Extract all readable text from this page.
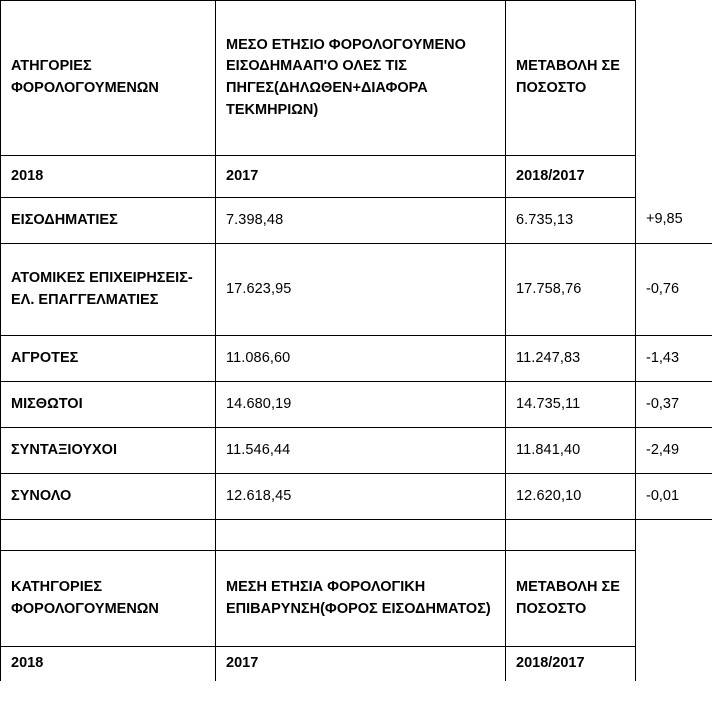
ΑΤΗΓΟΡΙΕΣ ΦΟΡΟΛΟΓΟΥΜΕΝΩΝ	ΜΕΣΟ ΕΤΗΣΙΟ ΦΟΡΟΛΟΓΟΥΜΕΝΟ ΕΙΣΟΔΗΜΑΑΠ'Ο ΟΛΕΣ ΤΙΣ ΠΗΓΕΣ(ΔΗΛΩΘΕΝ+ΔΙΑΦΟΡΑ ΤΕΚΜΗΡΙΩΝ)	ΜΕΤΑΒΟΛΗ ΣΕ ΠΟΣΟΣΤΟ	
2018	2017	2018/2017	
ΕΙΣΟΔΗΜΑΤΙΕΣ	7.398,48	6.735,13	+9,85
ΑΤΟΜΙΚΕΣ ΕΠΙΧΕΙΡΗΣΕΙΣ-ΕΛ. ΕΠΑΓΓΕΛΜΑΤΙΕΣ	17.623,95	17.758,76	-0,76
ΑΓΡΟΤΕΣ	11.086,60	11.247,83	-1,43
ΜΙΣΘΩΤΟΙ	14.680,19	14.735,11	-0,37
ΣΥΝΤΑΞΙΟΥΧΟΙ	11.546,44	11.841,40	-2,49
ΣΥΝΟΛΟ	12.618,45	12.620,10	-0,01

ΚΑΤΗΓΟΡΙΕΣ ΦΟΡΟΛΟΓΟΥΜΕΝΩΝ	ΜΕΣΗ ΕΤΗΣΙΑ ΦΟΡΟΛΟΓΙΚΗ ΕΠΙΒΑΡΥΝΣΗ(ΦΟΡΟΣ ΕΙΣΟΔΗΜΑΤΟΣ)	ΜΕΤΑΒΟΛΗ ΣΕ ΠΟΣΟΣΤΟ	
2018	2017	2018/2017	
